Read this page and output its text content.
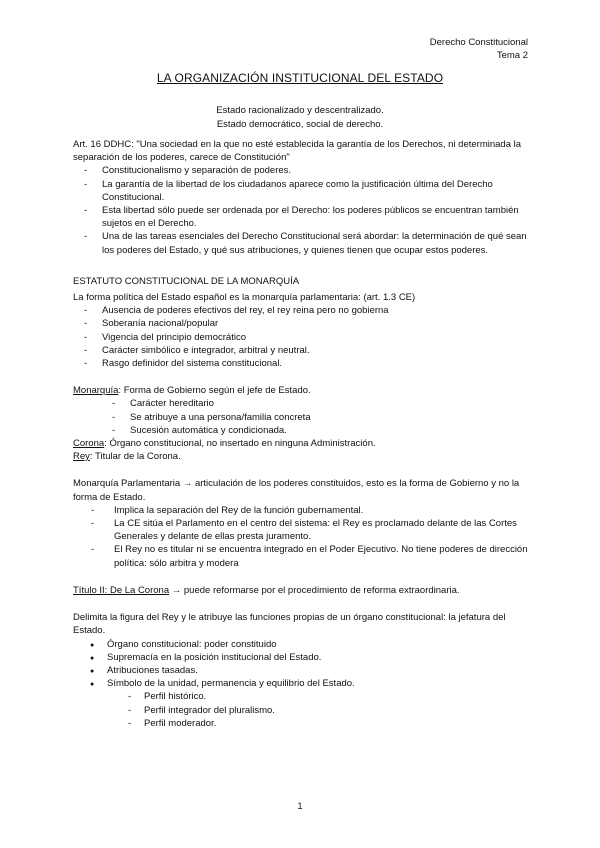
Derecho Constitucional
Tema 2
LA ORGANIZACIÓN INSTITUCIONAL DEL ESTADO
Estado racionalizado y descentralizado.
Estado democrático, social de derecho.

Art. 16 DDHC: "Una sociedad en la que no esté establecida la garantía de los Derechos, ni determinada la separación de los poderes, carece de Constitución"

- Constitucionalismo y separación de poderes.
- La garantía de la libertad de los ciudadanos aparece como la justificación última del Derecho Constitucional.
- Esta libertad sólo puede ser ordenada por el Derecho: los poderes públicos se encuentran también sujetos en el Derecho.
- Una de las tareas esenciales del Derecho Constitucional será abordar: la determinación de qué sean los poderes del Estado, y qué sus atribuciones, y quienes tienen que ocupar estos poderes.

ESTATUTO CONSTITUCIONAL DE LA MONARQUÍA

La forma política del Estado español es la monarquía parlamentaria: (art. 1.3 CE)

- Ausencia de poderes efectivos del rey, el rey reina pero no gobierna
- Soberanía nacional/popular
- Vigencia del principio democrático
- Carácter simbólico e integrador, arbitral y neutral.
- Rasgo definidor del sistema constitucional.

Monarquía: Forma de Gobierno según el jefe de Estado.

- Carácter hereditario
- Se atribuye a una persona/familia concreta
- Sucesión automática y condicionada.

Corona: Órgano constitucional, no insertado en ninguna Administración.

Rey: Titular de la Corona.

Monarquía Parlamentaria → articulación de los poderes constituidos, esto es la forma de Gobierno y no la forma de Estado.

- Implica la separación del Rey de la función gubernamental.
- La CE sitúa el Parlamento en el centro del sistema: el Rey es proclamado delante de las Cortes Generales y delante de ellas presta juramento.
- El Rey no es titular ni se encuentra integrado en el Poder Ejecutivo. No tiene poderes de dirección política: sólo arbitra y modera

Título II: De La Corona → puede reformarse por el procedimiento de reforma extraordinaria.

Delimita la figura del Rey y le atribuye las funciones propias de un órgano constitucional: la jefatura del Estado.

● Órgano constitucional: poder constituido
● Supremacía en la posición institucional del Estado.
● Atribuciones tasadas.
● Símbolo de la unidad, permanencia y equilibrio del Estado.
- Perfil histórico.
- Perfil integrador del pluralismo.
- Perfil moderador.
1
